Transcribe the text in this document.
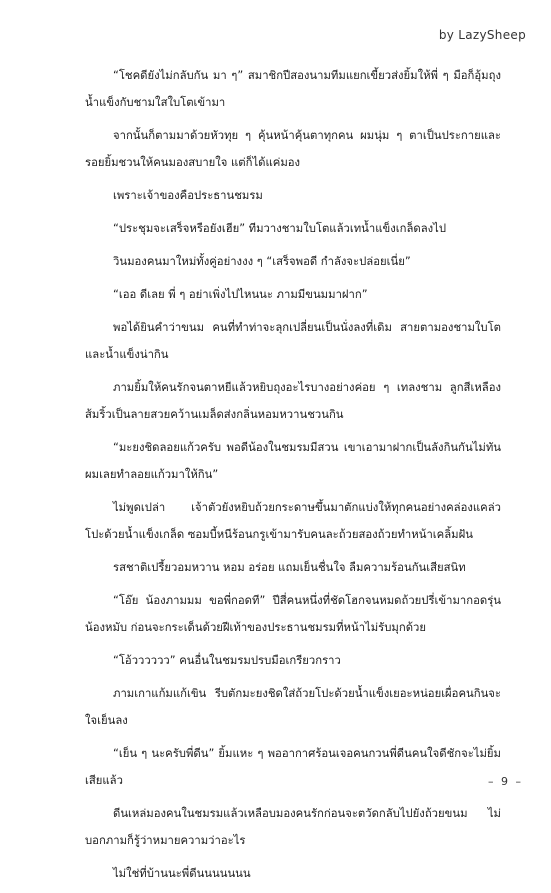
by LazySheep

“โชคดียังไม่กลับกัน มา ๆ” สมาชิกปีสองนามทีมแยกเขี้ยวส่งยิ้มให้พี่ ๆ มือก็อุ้มถุงน้ำแข็งกับชามใสใบโตเข้ามา

จากนั้นก็ตามมาด้วยหัวทุย ๆ คุ้นหน้าคุ้นตาทุกคน ผมนุ่ม ๆ ตาเป็นประกายและรอยยิ้มชวนให้คนมองสบายใจ แต่ก็ได้แค่มอง

เพราะเจ้าของคือประธานชมรม

“ประชุมจะเสร็จหรือยังเฮีย” ทีมวางชามใบโตแล้วเทน้ำแข็งเกล็ดลงไป

วินมองคนมาใหม่ทั้งคู่อย่างงง ๆ “เสร็จพอดี กำลังจะปล่อยเนี่ย”

“เออ ดีเลย พี่ ๆ อย่าเพิ่งไปไหนนะ ภามมีขนมมาฝาก”

พอได้ยินคำว่าขนม คนที่ทำท่าจะลุกเปลี่ยนเป็นนั่งลงที่เดิม สายตามองชามใบโตและน้ำแข็งน่ากิน

ภามยิ้มให้คนรักจนตาหยีแล้วหยิบถุงอะไรบางอย่างค่อย ๆ เทลงชาม ลูกสีเหลืองส้มริ้วเป็นลายสวยคว้านเมล็ดส่งกลิ่นหอมหวานชวนกิน

“มะยงชิดลอยแก้วครับ พอดีน้องในชมรมมีสวน เขาเอามาฝากเป็นลังกินกันไม่ทันผมเลยทำลอยแก้วมาให้กิน”

ไม่พูดเปล่า เจ้าตัวยังหยิบถ้วยกระดาษขึ้นมาตักแบ่งให้ทุกคนอย่างคล่องแคล่ว โปะด้วยน้ำแข็งเกล็ด ซอมบี้หนีร้อนกรูเข้ามารับคนละถ้วยสองถ้วยทำหน้าเคลิ้มฝัน

รสชาติเปรี้ยวอมหวาน หอม อร่อย แถมเย็นชื่นใจ ลืมความร้อนกันเสียสนิท

“โอ๊ย น้องภามมม ขอพี่กอดที” ปีสี่คนหนึ่งที่ชัดโฮกจนหมดถ้วยปรี่เข้ามากอดรุ่นน้องหมับ ก่อนจะกระเด็นด้วยฝีเท้าของประธานชมรมที่หน้าไม่รับมุกด้วย

“โอ้วววววว” คนอื่นในชมรมปรบมือเกรียวกราว

ภามเกาแก้มแก้เขิน รีบตักมะยงชิดใส่ถ้วยโปะด้วยน้ำแข็งเยอะหน่อยเผื่อคนกินจะใจเย็นลง

“เย็น ๆ นะครับพี่ดีน” ยิ้มแหะ ๆ พออากาศร้อนเจอคนกวนพี่ดีนคนใจดีชักจะไม่ยิ้มเสียแล้ว

ดีนเหล่มองคนในชมรมแล้วเหลือบมองคนรักก่อนจะตวัดกลับไปยังถ้วยขนม ไม่บอกภามก็รู้ว่าหมายความว่าอะไร

ไม่ใช่ที่บ้านนะพี่ดีนนนนนนน

– 9 –
